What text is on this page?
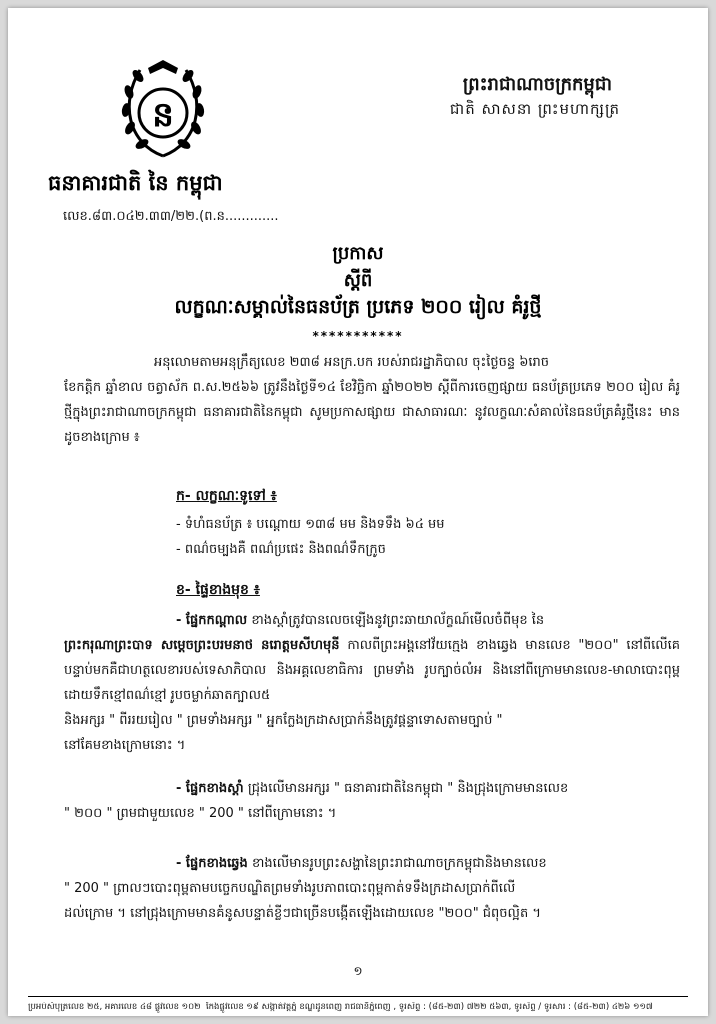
ន
ធនាគារជាតិ នៃ កម្ពុជា
លេខ.៨៣.០៤២.៣៣/២២.(ព.ន.............
ព្រះរាជាណាចក្រកម្ពុជា
ជាតិ សាសនា ព្រះមហាក្សត្រ
ប្រកាស
ស្តីពី
លក្ខណៈសម្គាល់នៃធនប័ត្រ ប្រភេទ ២០០ រៀល គំរូថ្មី
***********
អនុលោមតាមអនុក្រឹត្យលេខ ២៣៨ អនក្រ.បក របស់រាជរដ្ឋាភិបាល ចុះថ្ងៃចន្ទ ៦រោច
ខែកត្តិក ឆ្នាំខាល ចត្វាស័ក ព.ស.២៥៦៦ ត្រូវនឹងថ្ងៃទី១៤ ខែវិច្ឆិកា ឆ្នាំ២០២២ ស្តីពីការចេញផ្សាយ ធនប័ត្រប្រភេទ ២០០ រៀល គំរូថ្មីក្នុងព្រះរាជាណាចក្រកម្ពុជា ធនាគារជាតិនៃកម្ពុជា សូមប្រកាសផ្សាយ ជាសាធារណៈ នូវលក្ខណៈសំគាល់នៃធនប័ត្រគំរូថ្មីនេះ មានដូចខាងក្រោម ៖
ក- លក្ខណៈទូទៅ ៖
- ទំហំធនប័ត្រ ៖ បណ្តោយ ១៣៨ មម និងទទឹង ៦៤ មម
- ពណ៌ចម្បងគឺ ពណ៌ប្រផេះ និងពណ៌ទឹកក្រូច
ខ- ផ្ទៃខាងមុខ ៖
- ផ្នែកកណ្តាល ខាងស្តាំត្រូវបានលេចឡើងនូវព្រះឆាយាល័ក្ខណ៍មើលចំពីមុខ នៃ
ព្រះករុណាព្រះបាទ សម្តេចព្រះបរមនាថ នរោត្តមសីហមុនី កាលពីព្រះអង្គនៅវ័យក្មេង ខាងឆ្វេង មានលេខ "២០០" នៅពីលើគេ បន្ទាប់មកគឺជាហត្ថលេខារបស់ទេសាភិបាល និងអគ្គលេខាធិការ ព្រមទាំង រូបក្បាច់លំអ និងនៅពីក្រោមមានលេខ-មាលាបោះពុម្ពដោយទឹកខ្មៅពណ៌ខ្មៅ រូបចម្លាក់ឆាតក្បាល៥
និងអក្សរ " ពីររយរៀល " ព្រមទាំងអក្សរ " អ្នកក្លែងក្រដាសប្រាក់នឹងត្រូវផ្តន្ទាទោសតាមច្បាប់ "
នៅគែមខាងក្រោមនោះ ។
- ផ្នែកខាងស្តាំ ជ្រុងលើមានអក្សរ " ធនាគារជាតិនៃកម្ពុជា " និងជ្រុងក្រោមមានលេខ
" ២០០ " ព្រមជាមួយលេខ " 200 " នៅពីក្រោមនោះ ។
- ផ្នែកខាងឆ្វេង ខាងលើមានរូបព្រះសង្ហានៃព្រះរាជាណាចក្រកម្ពុជានិងមានលេខ
" 200 " ព្រាលៗបោះពុម្ពតាមបច្ចេកបណ្ឌិតព្រមទាំងរូបភាពបោះពុម្ពកាត់ទទឹងក្រដាសប្រាក់ពីលើ
ដល់ក្រោម ។ នៅជ្រុងក្រោមមានគំនូសបន្ទាត់ខ្លីៗជាច្រើនបង្កើតឡើងដោយលេខ "២០០" ជំពុចល្អិត ។
១
ប្រអប់សំបុត្រលេខ ២៥, អគារលេខ ៤៨ ផ្លូវលេខ ១០២ ​​​ កែងផ្លូវលេខ ១៩ សង្កាត់វត្តភ្នំ ខណ្ឌដូនពេញ រាជធានីភ្នំពេញ , ទូរស័ព្ទ : (៨៥-២៣) ៧២២ ៥៦៣, ទូរស័ព្ទ / ទូរសារ : (៨៥-២៣) ៤២៦ ១១៧
